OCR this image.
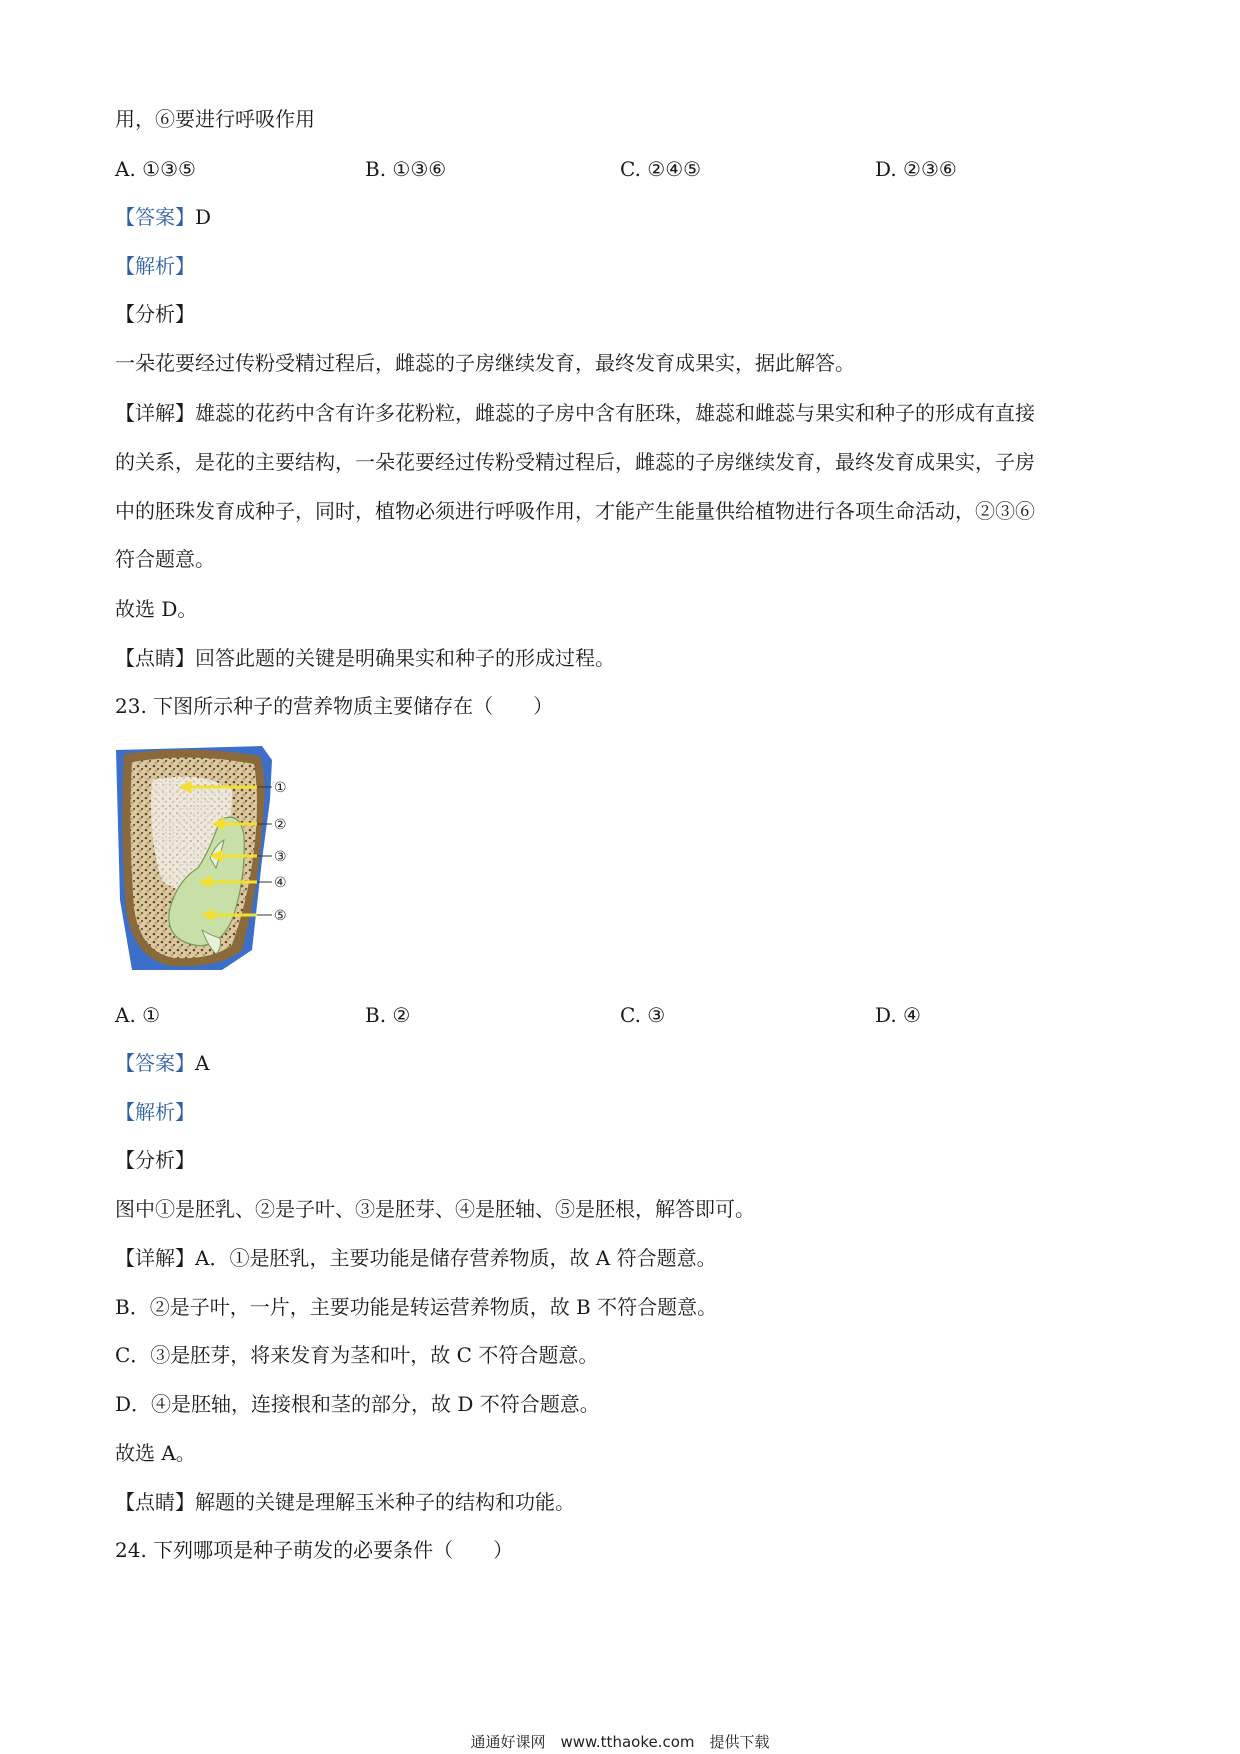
用，⑥要进行呼吸作用
A. ①③⑤	B. ①③⑥	C. ②④⑤	D. ②③⑥
【答案】D
【解析】
【分析】
一朵花要经过传粉受精过程后，雌蕊的子房继续发育，最终发育成果实，据此解答。
【详解】雄蕊的花药中含有许多花粉粒，雌蕊的子房中含有胚珠，雄蕊和雌蕊与果实和种子的形成有直接
的关系，是花的主要结构，一朵花要经过传粉受精过程后，雌蕊的子房继续发育，最终发育成果实，子房
中的胚珠发育成种子，同时，植物必须进行呼吸作用，才能产生能量供给植物进行各项生命活动，②③⑥
符合题意。
故选 D。
【点睛】回答此题的关键是明确果实和种子的形成过程。
23. 下图所示种子的营养物质主要储存在（　　）
①
②
③
④
⑤
A. ①	B. ②	C. ③	D. ④
【答案】A
【解析】
【分析】
图中①是胚乳、②是子叶、③是胚芽、④是胚轴、⑤是胚根，解答即可。
【详解】A．①是胚乳，主要功能是储存营养物质，故 A 符合题意。
B．②是子叶，一片，主要功能是转运营养物质，故 B 不符合题意。
C．③是胚芽，将来发育为茎和叶，故 C 不符合题意。
D．④是胚轴，连接根和茎的部分，故 D 不符合题意。
故选 A。
【点睛】解题的关键是理解玉米种子的结构和功能。
24. 下列哪项是种子萌发的必要条件（　　）
通通好课网　www.tthaoke.com　提供下载
